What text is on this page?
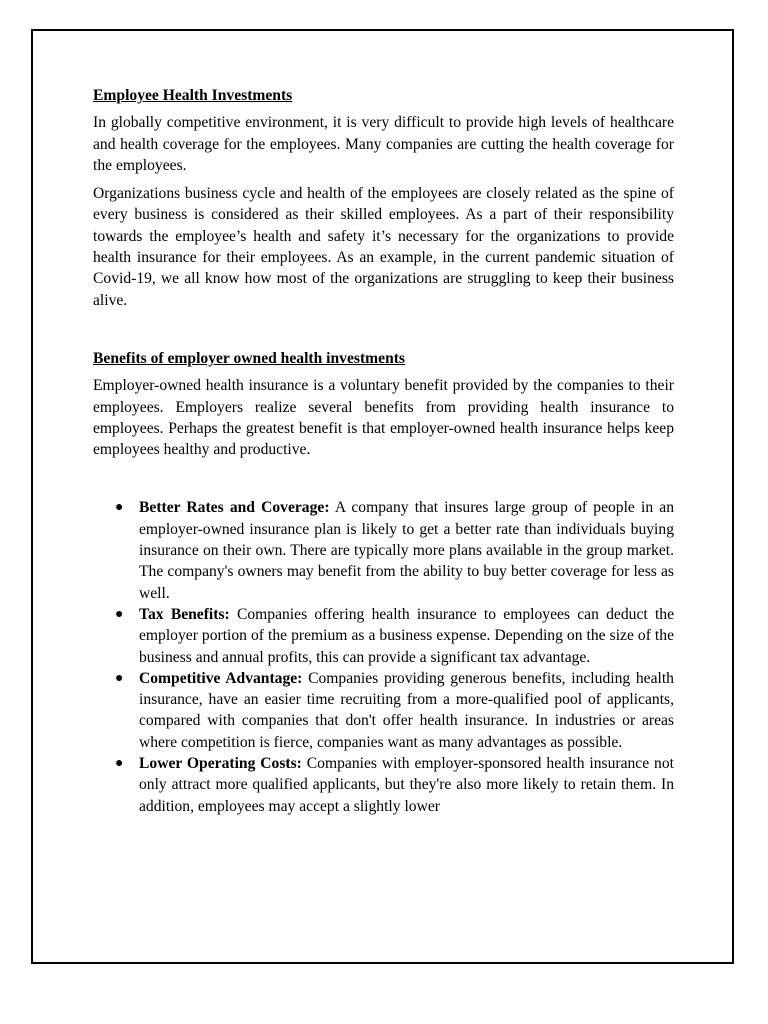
Employee Health Investments

In globally competitive environment, it is very difficult to provide high levels of healthcare and health coverage for the employees. Many companies are cutting the health coverage for the employees.

Organizations business cycle and health of the employees are closely related as the spine of every business is considered as their skilled employees. As a part of their responsibility towards the employee’s health and safety it’s necessary for the organizations to provide health insurance for their employees. As an example, in the current pandemic situation of Covid-19, we all know how most of the organizations are struggling to keep their business alive.

Benefits of employer owned health investments

Employer-owned health insurance is a voluntary benefit provided by the companies to their employees. Employers realize several benefits from providing health insurance to employees. Perhaps the greatest benefit is that employer-owned health insurance helps keep employees healthy and productive.

● Better Rates and Coverage: A company that insures large group of people in an employer-owned insurance plan is likely to get a better rate than individuals buying insurance on their own. There are typically more plans available in the group market. The company's owners may benefit from the ability to buy better coverage for less as well.
● Tax Benefits: Companies offering health insurance to employees can deduct the employer portion of the premium as a business expense. Depending on the size of the business and annual profits, this can provide a significant tax advantage.
● Competitive Advantage: Companies providing generous benefits, including health insurance, have an easier time recruiting from a more-qualified pool of applicants, compared with companies that don't offer health insurance. In industries or areas where competition is fierce, companies want as many advantages as possible.
● Lower Operating Costs: Companies with employer-sponsored health insurance not only attract more qualified applicants, but they're also more likely to retain them. In addition, employees may accept a slightly lower
